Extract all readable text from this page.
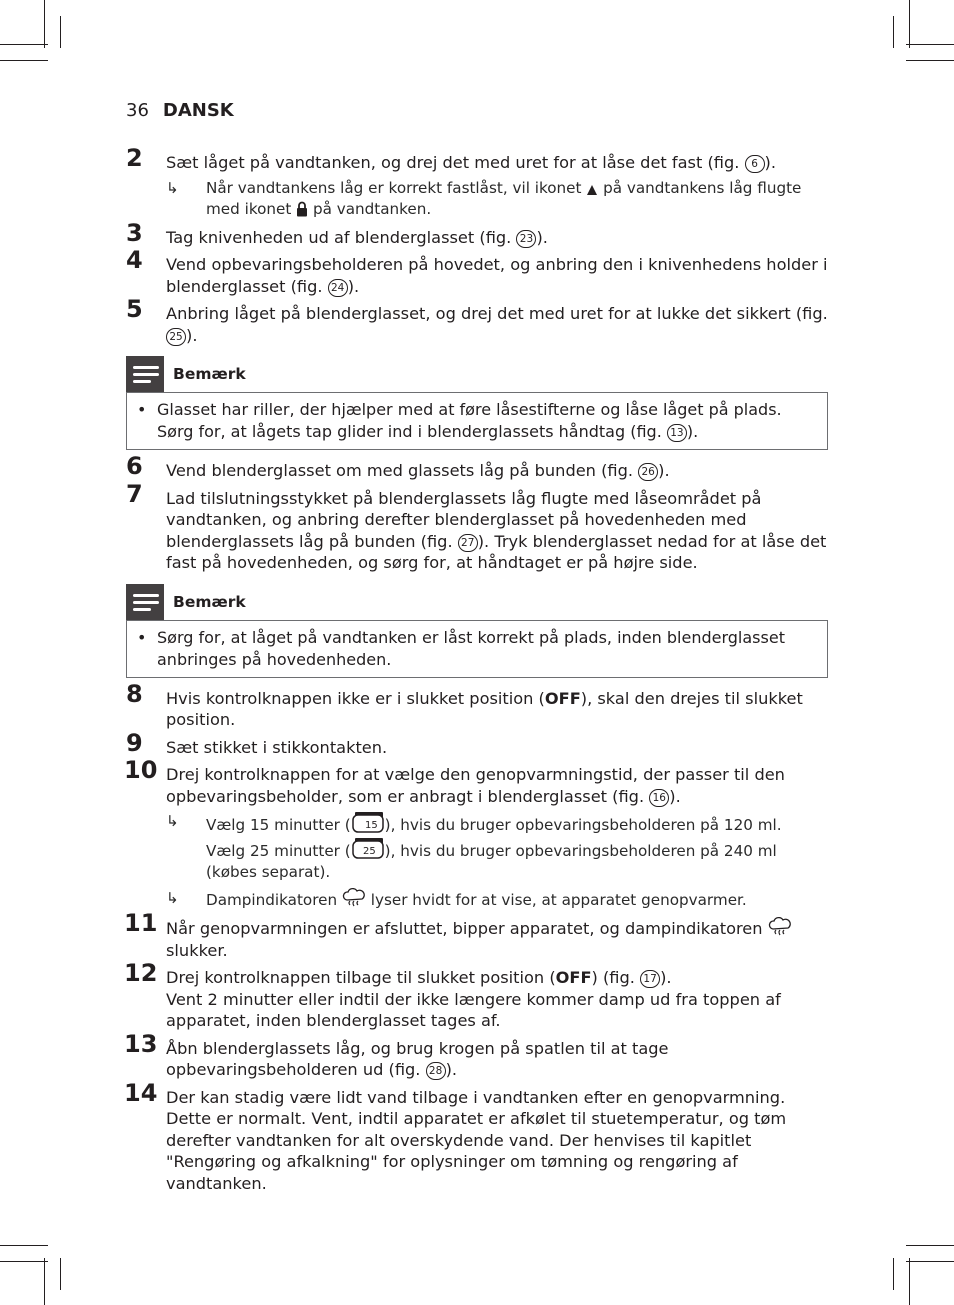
36 DANSK
2 Sæt låget på vandtanken, og drej det med uret for at låse det fast (fig. 6 ).
↳ Når vandtankens låg er korrekt fastlåst, vil ikonet  på vandtankens låg flugte med ikonet  på vandtanken.
3 Tag knivenheden ud af blenderglasset (fig. 23 ).
4 Vend opbevaringsbeholderen på hovedet, og anbring den i knivenhedens holder i blenderglasset (fig. 24 ).
5 Anbring låget på blenderglasset, og drej det med uret for at lukke det sikkert (fig. 25 ).
Bemærk
• Glasset har riller, der hjælper med at føre låsestifterne og låse låget på plads. Sørg for, at lågets tap glider ind i blenderglassets håndtag (fig. 13 ).
6 Vend blenderglasset om med glassets låg på bunden (fig. 26 ).
7 Lad tilslutningsstykket på blenderglassets låg flugte med låseområdet på vandtanken, og anbring derefter blenderglasset på hovedenheden med blenderglassets låg på bunden (fig. 27 ). Tryk blenderglasset nedad for at låse det fast på hovedenheden, og sørg for, at håndtaget er på højre side.
Bemærk
• Sørg for, at låget på vandtanken er låst korrekt på plads, inden blenderglasset anbringes på hovedenheden.
8 Hvis kontrolknappen ikke er i slukket position (OFF), skal den drejes til slukket position.
9 Sæt stikket i stikkontakten.
10 Drej kontrolknappen for at vælge den genopvarmningstid, der passer til den opbevaringsbeholder, som er anbragt i blenderglasset (fig. 16 ).
↳ Vælg 15 minutter ( 15 ), hvis du bruger opbevaringsbeholderen på 120 ml.
Vælg 25 minutter ( 25 ), hvis du bruger opbevaringsbeholderen på 240 ml (købes separat).
↳ Dampindikatoren  lyser hvidt for at vise, at apparatet genopvarmer.
11 Når genopvarmningen er afsluttet, bipper apparatet, og dampindikatoren  slukker.
12 Drej kontrolknappen tilbage til slukket position (OFF) (fig. 17 ).
Vent 2 minutter eller indtil der ikke længere kommer damp ud fra toppen af apparatet, inden blenderglasset tages af.
13 Åbn blenderglassets låg, og brug krogen på spatlen til at tage opbevaringsbeholderen ud (fig. 28 ).
14 Der kan stadig være lidt vand tilbage i vandtanken efter en genopvarmning. Dette er normalt. Vent, indtil apparatet er afkølet til stuetemperatur, og tøm derefter vandtanken for alt overskydende vand. Der henvises til kapitlet "Rengøring og afkalkning" for oplysninger om tømning og rengøring af vandtanken.
